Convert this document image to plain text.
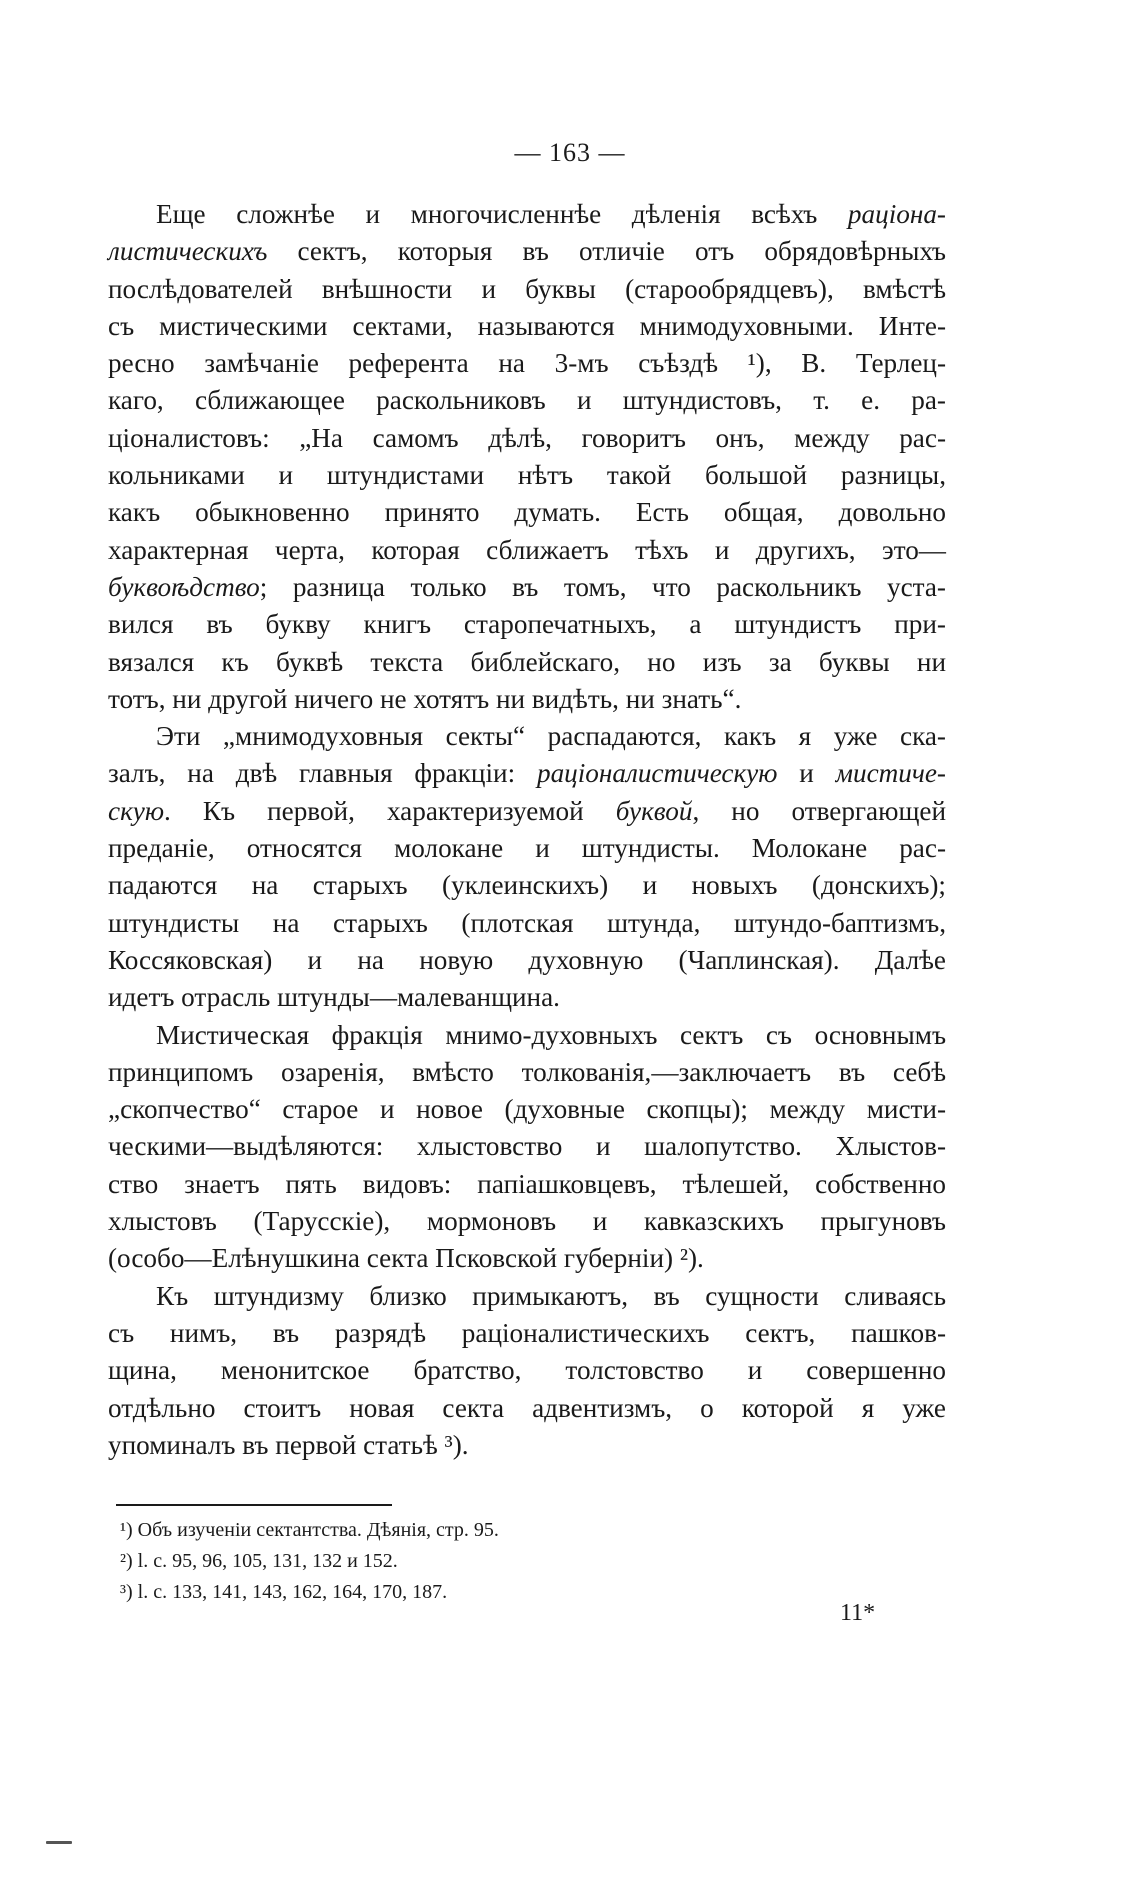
— 163 —
Еще сложнѣе и многочисленнѣе дѣленія всѣхъ раціона-
листическихъ сектъ, которыя въ отличіе отъ обрядовѣрныхъ
послѣдователей внѣшности и буквы (старообрядцевъ), вмѣстѣ
съ мистическими сектами, называются мнимодуховными. Инте-
ресно замѣчаніе референта на 3-мъ съѣздѣ ¹), В. Терлец-
каго, сближающее раскольниковъ и штундистовъ, т. е. ра-
ціоналистовъ: „На самомъ дѣлѣ, говоритъ онъ, между рас-
кольниками и штундистами нѣтъ такой большой разницы,
какъ обыкновенно принято думать. Есть общая, довольно
характерная черта, которая сближаетъ тѣхъ и другихъ, это—
буквоѣдство; разница только въ томъ, что раскольникъ уста-
вился въ букву книгъ старопечатныхъ, а штундистъ при-
вязался къ буквѣ текста библейскаго, но изъ за буквы ни
тотъ, ни другой ничего не хотятъ ни видѣть, ни знать“.
Эти „мнимодуховныя секты“ распадаются, какъ я уже ска-
залъ, на двѣ главныя фракціи: раціоналистическую и мистиче-
скую. Къ первой, характеризуемой буквой, но отвергающей
преданіе, относятся молокане и штундисты. Молокане рас-
падаются на старыхъ (уклеинскихъ) и новыхъ (донскихъ);
штундисты на старыхъ (плотская штунда, штундо-баптизмъ,
Коссяковская) и на новую духовную (Чаплинская). Далѣе
идетъ отрасль штунды—малеванщина.
Мистическая фракція мнимо-духовныхъ сектъ съ основнымъ
принципомъ озаренія, вмѣсто толкованія,—заключаетъ въ себѣ
„скопчество“ старое и новое (духовные скопцы); между мисти-
ческими—выдѣляются: хлыстовство и шалопутство. Хлыстов-
ство знаетъ пять видовъ: папіашковцевъ, тѣлешей, собственно
хлыстовъ (Тарусскіе), мормоновъ и кавказскихъ прыгуновъ
(особо—Елѣнушкина секта Псковской губерніи) ²).
Къ штундизму близко примыкаютъ, въ сущности сливаясь
съ нимъ, въ разрядѣ раціоналистическихъ сектъ, пашков-
щина, менонитское братство, толстовство и совершенно
отдѣльно стоитъ новая секта адвентизмъ, о которой я уже
упоминалъ въ первой статьѣ ³).
¹) Объ изученіи сектантства. Дѣянія, стр. 95.
²) l. c. 95, 96, 105, 131, 132 и 152.
³) l. c. 133, 141, 143, 162, 164, 170, 187.
11*
